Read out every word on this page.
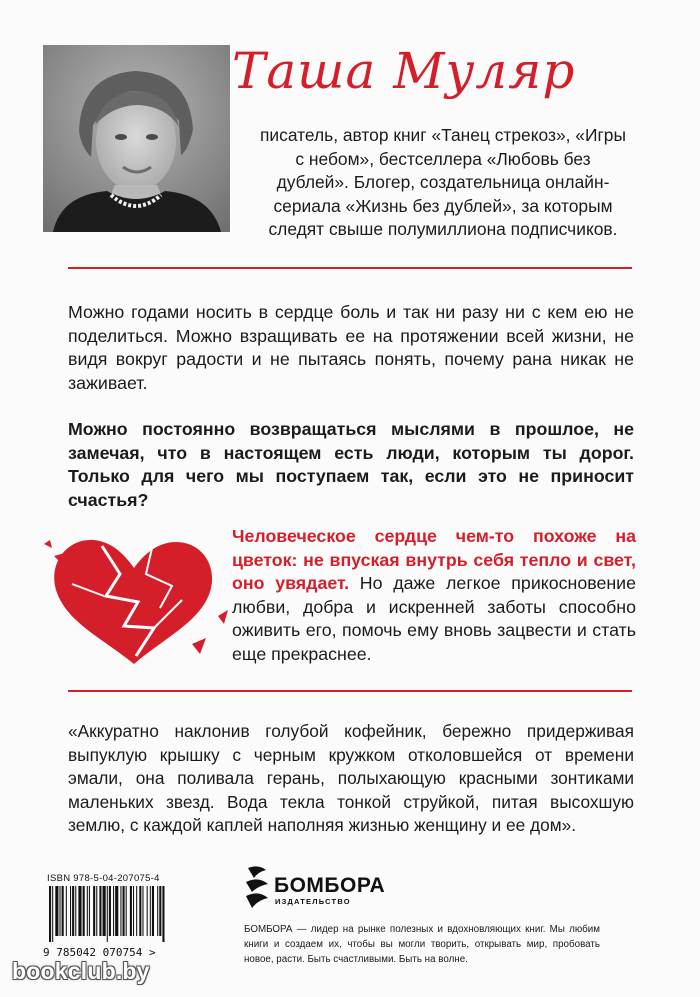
Таша Муляр
писатель, автор книг «Танец стрекоз», «Игры с небом», бестселлера «Любовь без дублей». Блогер, создательница онлайн-сериала «Жизнь без дублей», за которым следят свыше полумиллиона подписчиков.
Можно годами носить в сердце боль и так ни разу ни с кем ею не поделиться. Можно взращивать ее на протяжении всей жизни, не видя вокруг радости и не пытаясь понять, почему рана никак не заживает.
Можно постоянно возвращаться мыслями в прошлое, не замечая, что в настоящем есть люди, которым ты дорог. Только для чего мы поступаем так, если это не приносит счастья?
Человеческое сердце чем-то похоже на цветок: не впуская внутрь себя тепло и свет, оно увядает. Но даже легкое прикосновение любви, добра и искренней заботы способно оживить его, помочь ему вновь зацвести и стать еще прекраснее.
«Аккуратно наклонив голубой кофейник, бережно придерживая выпуклую крышку с черным кружком отколовшейся от времени эмали, она поливала герань, полыхающую красными зонтиками маленьких звезд. Вода текла тонкой струйкой, питая высохшую землю, с каждой каплей наполняя жизнью женщину и ее дом».
ISBN 978-5-04-207075-4
9 785042 070754 >
БОМБОРА
ИЗДАТЕЛЬСТВО
БОМБОРА — лидер на рынке полезных и вдохновляющих книг. Мы любим книги и создаем их, чтобы вы могли творить, открывать мир, пробовать новое, расти. Быть счастливыми. Быть на волне.
bookclub.by
